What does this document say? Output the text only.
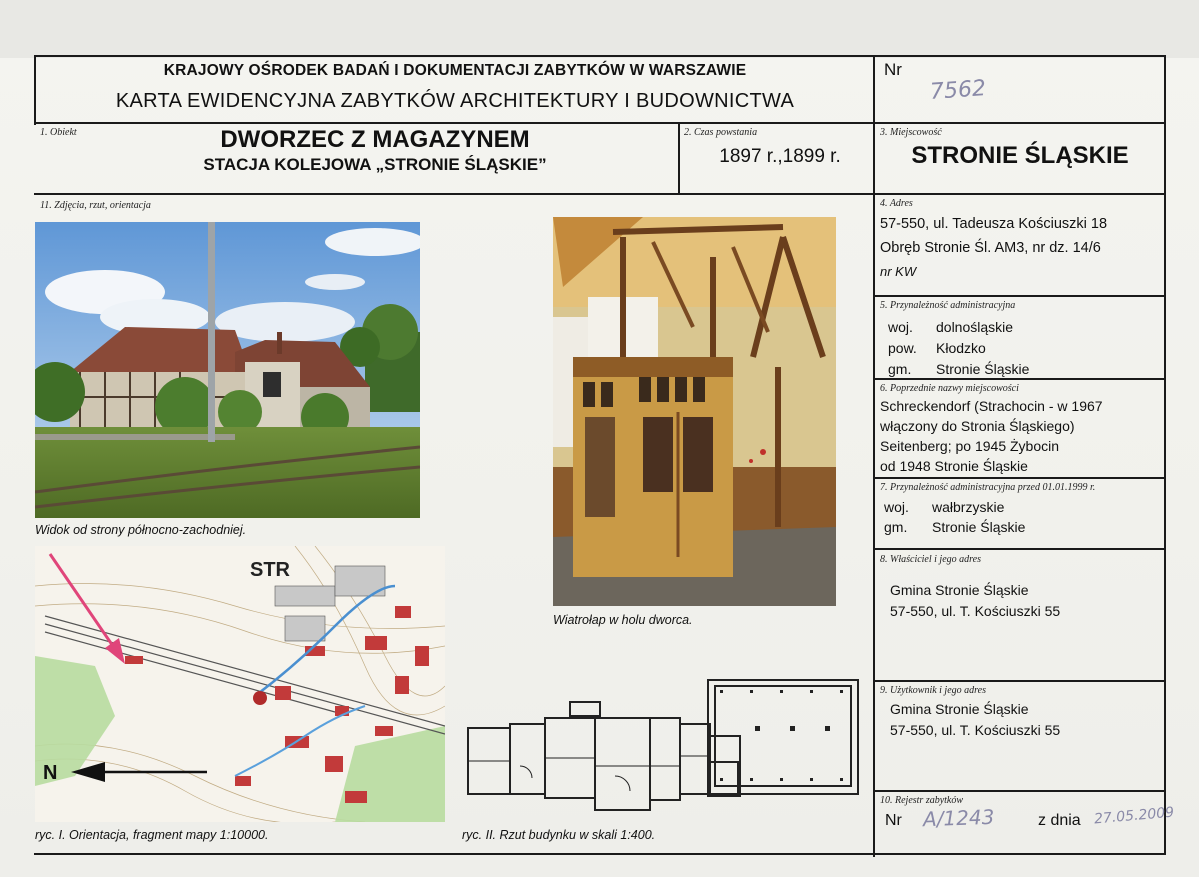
KRAJOWY OŚRODEK BADAŃ I DOKUMENTACJI ZABYTKÓW W WARSZAWIE
KARTA EWIDENCYJNA ZABYTKÓW ARCHITEKTURY I BUDOWNICTWA
Nr
7562
1. Obiekt	DWORZEC Z MAGAZYNEM
STACJA KOLEJOWA „STRONIE ŚLĄSKIE”
2. Czas powstania
1897 r.,1899 r.
3. Miejscowość
STRONIE ŚLĄSKIE
4. Adres
57-550, ul. Tadeusza Kościuszki 18
Obręb Stronie Śl. AM3, nr dz. 14/6
nr KW
5. Przynależność administracyjna
woj.	dolnośląskie
pow.	Kłodzko
gm.	Stronie Śląskie
6. Poprzednie nazwy miejscowości
Schreckendorf (Strachocin - w 1967
włączony do Stronia Śląskiego)
Seitenberg; po 1945 Żybocin
od 1948 Stronie Śląskie
7. Przynależność administracyjna przed 01.01.1999 r.
woj.	wałbrzyskie
gm.	Stronie Śląskie
8. Właściciel i jego adres
Gmina Stronie Śląskie
57-550, ul. T. Kościuszki 55
9. Użytkownik i jego adres
Gmina Stronie Śląskie
57-550, ul. T. Kościuszki 55
10. Rejestr zabytków
Nr A/1243	z dnia 27.05.2009
11. Zdjęcia, rzut, orientacja
Widok od strony północno-zachodniej.
Wiatrołap w holu dworca.
N
STR
ryc. I. Orientacja, fragment mapy 1:10000.	ryc. II. Rzut budynku w skali 1:400.
